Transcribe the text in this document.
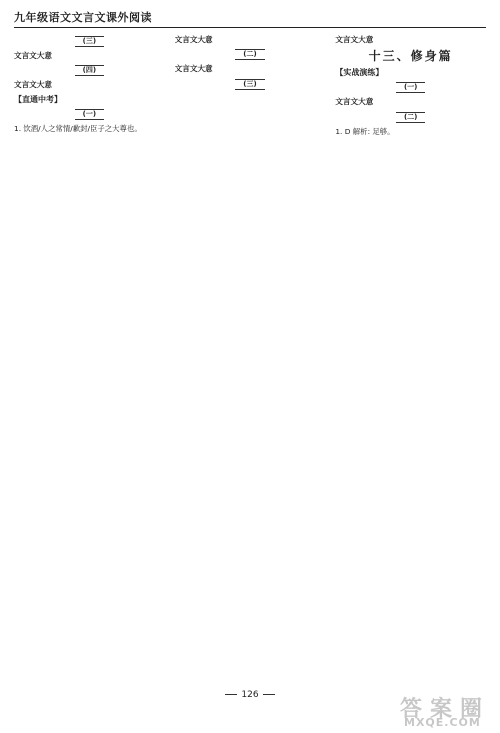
九年级语文文言文课外阅读

(三)

文言文大意

(四)

文言文大意

【直通中考】
(一)

1. 饮酒/人之常情/歉封/臣子之大尊也。

文言文大意

(二)

文言文大意

(三)

文言文大意

十三、修身篇
【实战演练】
(一)

文言文大意

(二)

1. D 解析: 足够。

126
答 案 圈
MXQE.COM
